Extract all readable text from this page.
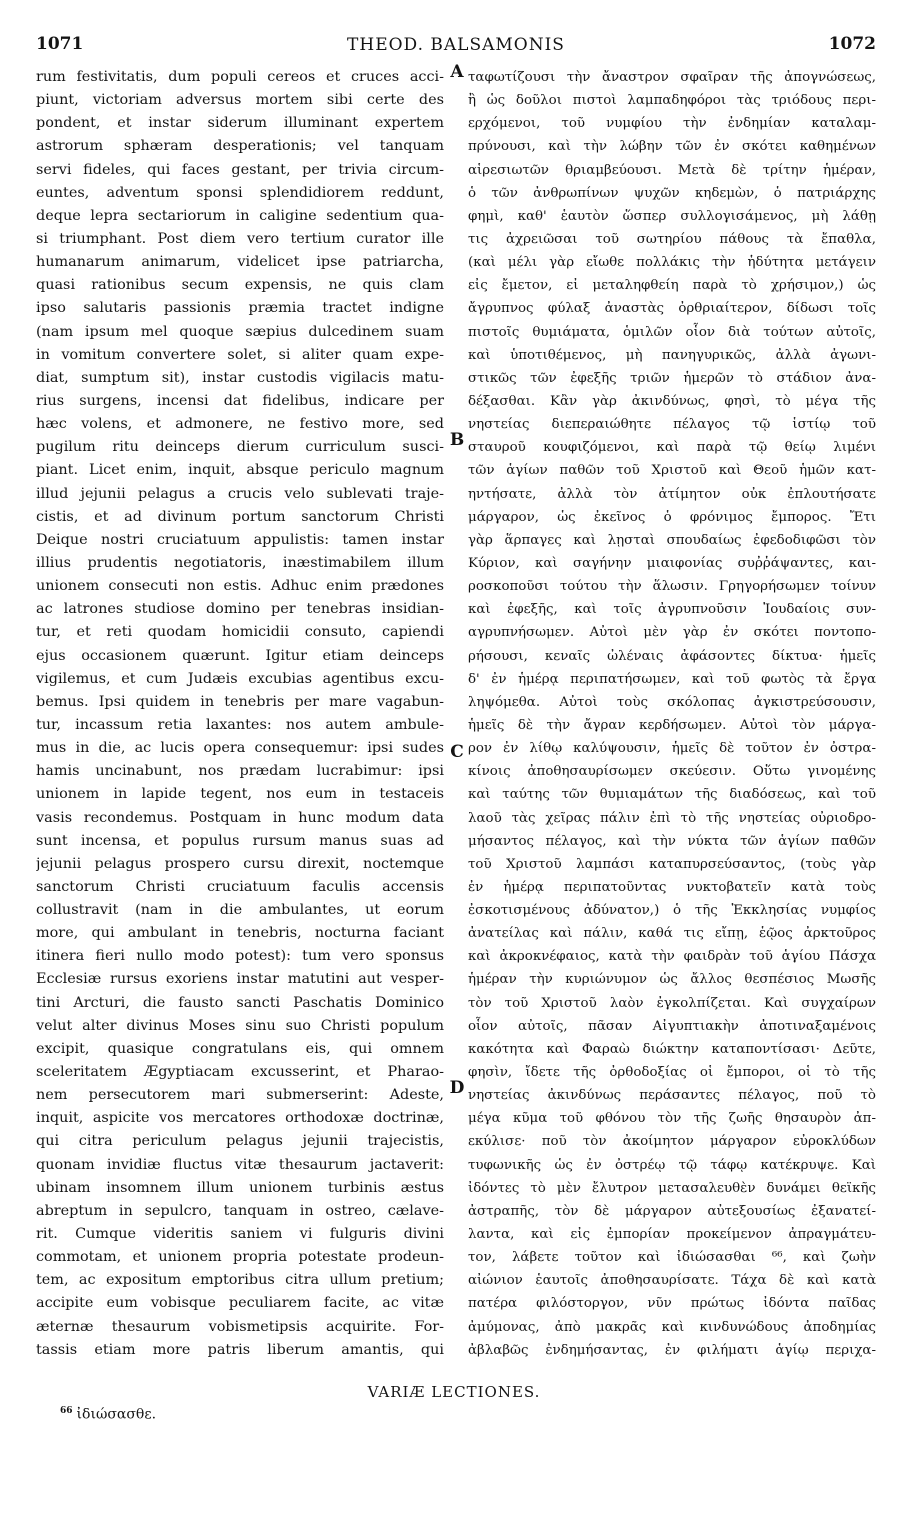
1071	THEOD. BALSAMONIS	1072
rum festivitatis, dum populi cereos et cruces acci-
piunt, victoriam adversus mortem sibi certe des
pondent, et instar siderum illuminant expertem
astrorum sphæram desperationis; vel tanquam
servi fideles, qui faces gestant, per trivia circum-
euntes, adventum sponsi splendidiorem reddunt,
deque lepra sectariorum in caligine sedentium qua-
si triumphant. Post diem vero tertium curator ille
humanarum animarum, videlicet ipse patriarcha,
quasi rationibus secum expensis, ne quis clam
ipso salutaris passionis præmia tractet indigne
(nam ipsum mel quoque sæpius dulcedinem suam
in vomitum convertere solet, si aliter quam expe-
diat, sumptum sit), instar custodis vigilacis matu-
rius surgens, incensi dat fidelibus, indicare per
hæc volens, et admonere, ne festivo more, sed
pugilum ritu deinceps dierum curriculum susci-
piant. Licet enim, inquit, absque periculo magnum
illud jejunii pelagus a crucis velo sublevati traje-
cistis, et ad divinum portum sanctorum Christi
Deique nostri cruciatuum appulistis: tamen instar
illius prudentis negotiatoris, inæstimabilem illum
unionem consecuti non estis. Adhuc enim prædones
ac latrones studiose domino per tenebras insidian-
tur, et reti quodam homicidii consuto, capiendi
ejus occasionem quærunt. Igitur etiam deinceps
vigilemus, et cum Judæis excubias agentibus excu-
bemus. Ipsi quidem in tenebris per mare vagabun-
tur, incassum retia laxantes: nos autem ambule-
mus in die, ac lucis opera consequemur: ipsi sudes
hamis uncinabunt, nos prædam lucrabimur: ipsi
unionem in lapide tegent, nos eum in testaceis
vasis recondemus. Postquam in hunc modum data
sunt incensa, et populus rursum manus suas ad
jejunii pelagus prospero cursu direxit, noctemque
sanctorum Christi cruciatuum faculis accensis
collustravit (nam in die ambulantes, ut eorum
more, qui ambulant in tenebris, nocturna faciant
itinera fieri nullo modo potest): tum vero sponsus
Ecclesiæ rursus exoriens instar matutini aut vesper-
tini Arcturi, die fausto sancti Paschatis Dominico
velut alter divinus Moses sinu suo Christi populum
excipit, quasique congratulans eis, qui omnem
sceleritatem Ægyptiacam excusserint, et Pharao-
nem persecutorem mari submerserint: Adeste,
inquit, aspicite vos mercatores orthodoxæ doctrinæ,
qui citra periculum pelagus jejunii trajecistis,
quonam invidiæ fluctus vitæ thesaurum jactaverit:
ubinam insomnem illum unionem turbinis æstus
abreptum in sepulcro, tanquam in ostreo, cælave-
rit. Cumque videritis saniem vi fulguris divini
commotam, et unionem propria potestate prodeun-
tem, ac expositum emptoribus citra ullum pretium;
accipite eum vobisque peculiarem facite, ac vitæ
æternæ thesaurum vobismetipsis acquirite. For-
tassis etiam more patris liberum amantis, qui
A
B
C
D
ταφωτίζουσι τὴν ἄναστρον σφαῖραν τῆς ἀπογνώσεως,
ἢ ὡς δοῦλοι πιστοὶ λαμπαδηφόροι τὰς τριόδους περι-
ερχόμενοι, τοῦ νυμφίου τὴν ἐνδημίαν καταλαμ-
πρύνουσι, καὶ τὴν λώβην τῶν ἐν σκότει καθημένων
αἱρεσιωτῶν θριαμβεύουσι. Μετὰ δὲ τρίτην ἡμέραν,
ὁ τῶν ἀνθρωπίνων ψυχῶν κηδεμὼν, ὁ πατριάρχης
φημὶ, καθ' ἑαυτὸν ὥσπερ συλλογισάμενος, μὴ λάθῃ
τις ἀχρειῶσαι τοῦ σωτηρίου πάθους τὰ ἔπαθλα,
(καὶ μέλι γὰρ εἴωθε πολλάκις τὴν ἡδύτητα μετάγειν
εἰς ἔμετον, εἰ μεταληφθείη παρὰ τὸ χρήσιμον,) ὡς
ἄγρυπνος φύλαξ ἀναστὰς ὀρθριαίτερον, δίδωσι τοῖς
πιστοῖς θυμιάματα, ὁμιλῶν οἷον διὰ τούτων αὐτοῖς,
καὶ ὑποτιθέμενος, μὴ πανηγυρικῶς, ἀλλὰ ἀγωνι-
στικῶς τῶν ἐφεξῆς τριῶν ἡμερῶν τὸ στάδιον ἀνα-
δέξασθαι. Κἂν γὰρ ἀκινδύνως, φησὶ, τὸ μέγα τῆς
νηστείας διεπεραιώθητε πέλαγος τῷ ἱστίῳ τοῦ
σταυροῦ κουφιζόμενοι, καὶ παρὰ τῷ θείῳ λιμένι
τῶν ἁγίων παθῶν τοῦ Χριστοῦ καὶ Θεοῦ ἡμῶν κατ-
ηντήσατε, ἀλλὰ τὸν ἀτίμητον οὐκ ἐπλουτήσατε
μάργαρον, ὡς ἐκεῖνος ὁ φρόνιμος ἔμπορος. Ἔτι
γὰρ ἅρπαγες καὶ λῃσταὶ σπουδαίως ἐφεδοδιφῶσι τὸν
Κύριον, καὶ σαγήνην μιαιφονίας συῤῥάψαντες, και-
ροσκοποῦσι τούτου τὴν ἅλωσιν. Γρηγορήσωμεν τοίνυν
καὶ ἐφεξῆς, καὶ τοῖς ἀγρυπνοῦσιν Ἰουδαίοις συν-
αγρυπνήσωμεν. Αὐτοὶ μὲν γὰρ ἐν σκότει ποντοπο-
ρήσουσι, κεναῖς ὠλέναις ἀφάσοντες δίκτυα· ἡμεῖς
δ' ἐν ἡμέρᾳ περιπατήσωμεν, καὶ τοῦ φωτὸς τὰ ἔργα
ληψόμεθα. Αὐτοὶ τοὺς σκόλοπας ἀγκιστρεύσουσιν,
ἡμεῖς δὲ τὴν ἄγραν κερδήσωμεν. Αὐτοὶ τὸν μάργα-
ρον ἐν λίθῳ καλύψουσιν, ἡμεῖς δὲ τοῦτον ἐν ὀστρα-
κίνοις ἀποθησαυρίσωμεν σκεύεσιν. Οὕτω γινομένης
καὶ ταύτης τῶν θυμιαμάτων τῆς διαδόσεως, καὶ τοῦ
λαοῦ τὰς χεῖρας πάλιν ἐπὶ τὸ τῆς νηστείας οὐριοδρο-
μήσαντος πέλαγος, καὶ τὴν νύκτα τῶν ἁγίων παθῶν
τοῦ Χριστοῦ λαμπάσι καταπυρσεύσαντος, (τοὺς γὰρ
ἐν ἡμέρᾳ περιπατοῦντας νυκτοβατεῖν κατὰ τοὺς
ἐσκοτισμένους ἀδύνατον,) ὁ τῆς Ἐκκλησίας νυμφίος
ἀνατείλας καὶ πάλιν, καθά τις εἴπῃ, ἑῷος ἀρκτοῦρος
καὶ ἀκροκνέφαιος, κατὰ τὴν φαιδρὰν τοῦ ἁγίου Πάσχα
ἡμέραν τὴν κυριώνυμον ὡς ἄλλος θεσπέσιος Μωσῆς
τὸν τοῦ Χριστοῦ λαὸν ἐγκολπίζεται. Καὶ συγχαίρων
οἷον αὐτοῖς, πᾶσαν Αἰγυπτιακὴν ἀποτιναξαμένοις
κακότητα καὶ Φαραὼ διώκτην καταποντίσασι· Δεῦτε,
φησὶν, ἴδετε τῆς ὀρθοδοξίας οἱ ἔμποροι, οἱ τὸ τῆς
νηστείας ἀκινδύνως περάσαντες πέλαγος, ποῦ τὸ
μέγα κῦμα τοῦ φθόνου τὸν τῆς ζωῆς θησαυρὸν ἀπ-
εκύλισε· ποῦ τὸν ἀκοίμητον μάργαρον εὐροκλύδων
τυφωνικῆς ὡς ἐν ὀστρέῳ τῷ τάφῳ κατέκρυψε. Καὶ
ἰδόντες τὸ μὲν ἔλυτρον μετασαλευθὲν δυνάμει θεϊκῆς
ἀστραπῆς, τὸν δὲ μάργαρον αὐτεξουσίως ἐξανατεί-
λαντα, καὶ εἰς ἐμπορίαν προκείμενον ἀπραγμάτευ-
τον, λάβετε τοῦτον καὶ ἰδιώσασθαι ⁶⁶, καὶ ζωὴν
αἰώνιον ἑαυτοῖς ἀποθησαυρίσατε. Τάχα δὲ καὶ κατὰ
πατέρα φιλόστοργον, νῦν πρώτως ἰδόντα παῖδας
ἀμύμονας, ἀπὸ μακρᾶς καὶ κινδυνώδους ἀποδημίας
ἀβλαβῶς ἐνδημήσαντας, ἐν φιλήματι ἁγίῳ περιχα-
VARIÆ LECTIONES.
$^{66}$ ἰδιώσασθε.
